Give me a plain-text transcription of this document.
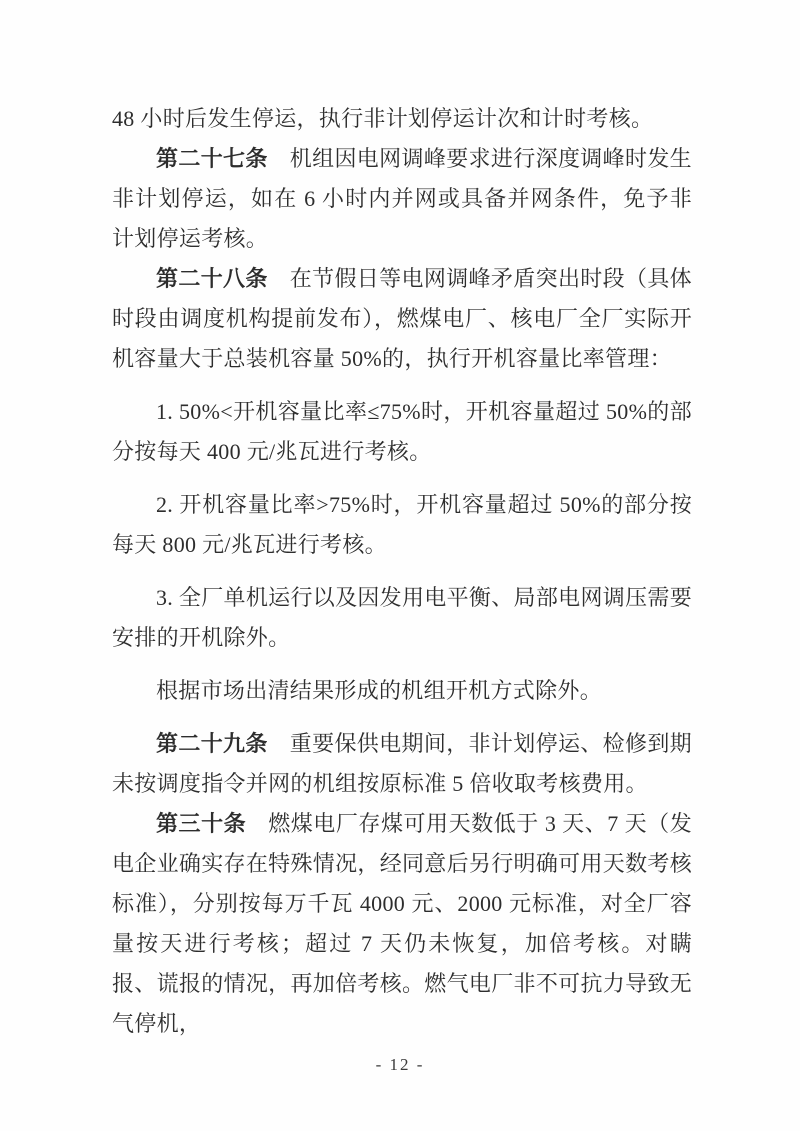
48 小时后发生停运，执行非计划停运计次和计时考核。

第二十七条 机组因电网调峰要求进行深度调峰时发生非计划停运，如在 6 小时内并网或具备并网条件，免予非计划停运考核。

第二十八条 在节假日等电网调峰矛盾突出时段（具体时段由调度机构提前发布），燃煤电厂、核电厂全厂实际开机容量大于总装机容量 50%的，执行开机容量比率管理：

1. 50%<开机容量比率≤75%时，开机容量超过 50%的部分按每天 400 元/兆瓦进行考核。

2. 开机容量比率>75%时，开机容量超过 50%的部分按每天 800 元/兆瓦进行考核。

3. 全厂单机运行以及因发用电平衡、局部电网调压需要安排的开机除外。

根据市场出清结果形成的机组开机方式除外。

第二十九条 重要保供电期间，非计划停运、检修到期未按调度指令并网的机组按原标准 5 倍收取考核费用。

第三十条 燃煤电厂存煤可用天数低于 3 天、7 天（发电企业确实存在特殊情况，经同意后另行明确可用天数考核标准），分别按每万千瓦 4000 元、2000 元标准，对全厂容量按天进行考核；超过 7 天仍未恢复，加倍考核。对瞒报、谎报的情况，再加倍考核。燃气电厂非不可抗力导致无气停机，

- 12 -
